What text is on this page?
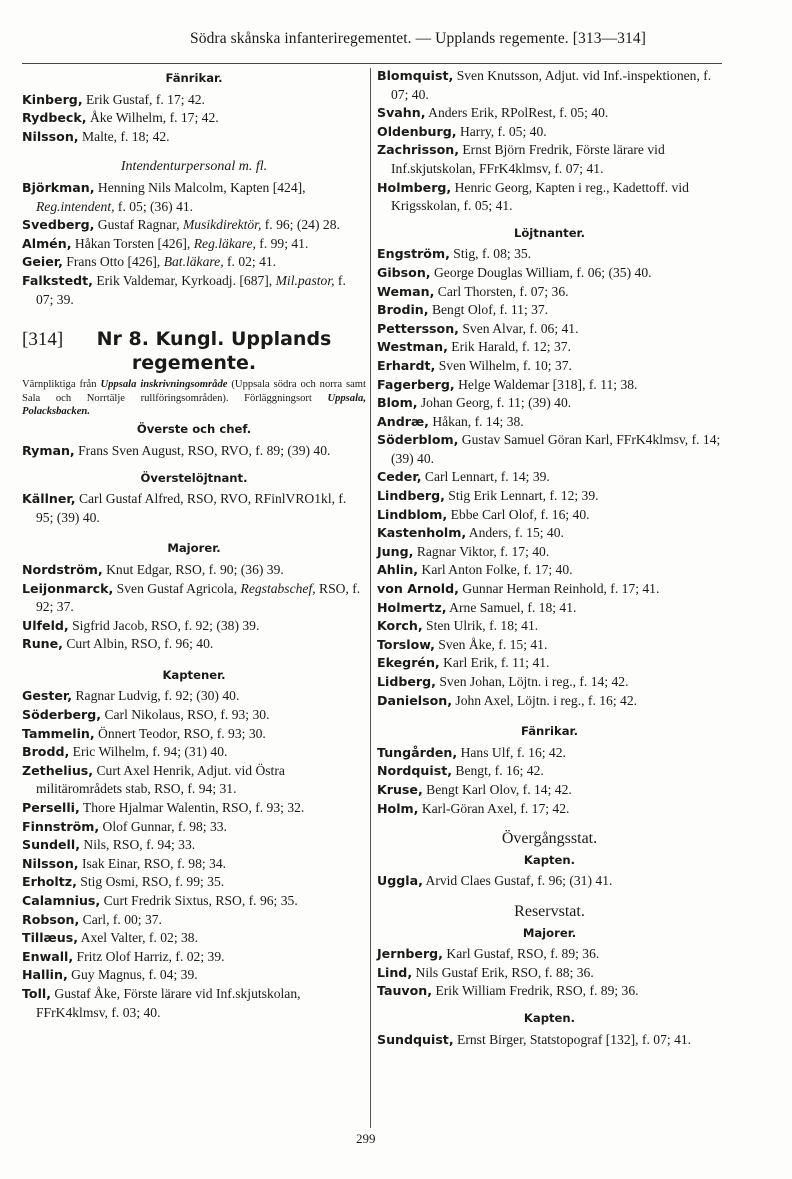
Södra skånska infanteriregementet. — Upplands regemente. [313—314]
Fänrikar.
Kinberg, Erik Gustaf, f. 17; 42.
Rydbeck, Åke Wilhelm, f. 17; 42.
Nilsson, Malte, f. 18; 42.
Intendenturpersonal m. fl.
Björkman, Henning Nils Malcolm, Kapten [424], Reg.intendent, f. 05; (36) 41.
Svedberg, Gustaf Ragnar, Musikdirektör, f. 96; (24) 28.
Almén, Håkan Torsten [426], Reg.läkare, f. 99; 41.
Geier, Frans Otto [426], Bat.läkare, f. 02; 41.
Falkstedt, Erik Valdemar, Kyrkoadj. [687], Mil.pastor, f. 07; 39.
[314]	Nr 8. Kungl. Upplands
regemente.
Värnpliktiga från Uppsala inskrivningsområde (Uppsala södra och norra samt Sala och Norrtälje rullföringsområden). Förläggningsort Uppsala, Polacksbacken.
Överste och chef.
Ryman, Frans Sven August, RSO, RVO, f. 89; (39) 40.
Överstelöjtnant.
Källner, Carl Gustaf Alfred, RSO, RVO, RFinlVRO1kl, f. 95; (39) 40.
Majorer.
Nordström, Knut Edgar, RSO, f. 90; (36) 39.
Leijonmarck, Sven Gustaf Agricola, Regstabschef, RSO, f. 92; 37.
Ulfeld, Sigfrid Jacob, RSO, f. 92; (38) 39.
Rune, Curt Albin, RSO, f. 96; 40.
Kaptener.
Gester, Ragnar Ludvig, f. 92; (30) 40.
Söderberg, Carl Nikolaus, RSO, f. 93; 30.
Tammelin, Önnert Teodor, RSO, f. 93; 30.
Brodd, Eric Wilhelm, f. 94; (31) 40.
Zethelius, Curt Axel Henrik, Adjut. vid Östra militärområdets stab, RSO, f. 94; 31.
Perselli, Thore Hjalmar Walentin, RSO, f. 93; 32.
Finnström, Olof Gunnar, f. 98; 33.
Sundell, Nils, RSO, f. 94; 33.
Nilsson, Isak Einar, RSO, f. 98; 34.
Erholtz, Stig Osmi, RSO, f. 99; 35.
Calamnius, Curt Fredrik Sixtus, RSO, f. 96; 35.
Robson, Carl, f. 00; 37.
Tillæus, Axel Valter, f. 02; 38.
Enwall, Fritz Olof Harriz, f. 02; 39.
Hallin, Guy Magnus, f. 04; 39.
Toll, Gustaf Åke, Förste lärare vid Inf.skjutskolan, FFrK4klmsv, f. 03; 40.
Blomquist, Sven Knutsson, Adjut. vid Inf.-inspektionen, f. 07; 40.
Svahn, Anders Erik, RPolRest, f. 05; 40.
Oldenburg, Harry, f. 05; 40.
Zachrisson, Ernst Björn Fredrik, Förste lärare vid Inf.skjutskolan, FFrK4klmsv, f. 07; 41.
Holmberg, Henric Georg, Kapten i reg., Kadettoff. vid Krigsskolan, f. 05; 41.
Löjtnanter.
Engström, Stig, f. 08; 35.
Gibson, George Douglas William, f. 06; (35) 40.
Weman, Carl Thorsten, f. 07; 36.
Brodin, Bengt Olof, f. 11; 37.
Pettersson, Sven Alvar, f. 06; 41.
Westman, Erik Harald, f. 12; 37.
Erhardt, Sven Wilhelm, f. 10; 37.
Fagerberg, Helge Waldemar [318], f. 11; 38.
Blom, Johan Georg, f. 11; (39) 40.
Andræ, Håkan, f. 14; 38.
Söderblom, Gustav Samuel Göran Karl, FFrK4klmsv, f. 14; (39) 40.
Ceder, Carl Lennart, f. 14; 39.
Lindberg, Stig Erik Lennart, f. 12; 39.
Lindblom, Ebbe Carl Olof, f. 16; 40.
Kastenholm, Anders, f. 15; 40.
Jung, Ragnar Viktor, f. 17; 40.
Ahlin, Karl Anton Folke, f. 17; 40.
von Arnold, Gunnar Herman Reinhold, f. 17; 41.
Holmertz, Arne Samuel, f. 18; 41.
Korch, Sten Ulrik, f. 18; 41.
Torslow, Sven Åke, f. 15; 41.
Ekegrén, Karl Erik, f. 11; 41.
Lidberg, Sven Johan, Löjtn. i reg., f. 14; 42.
Danielson, John Axel, Löjtn. i reg., f. 16; 42.
Fänrikar.
Tungården, Hans Ulf, f. 16; 42.
Nordquist, Bengt, f. 16; 42.
Kruse, Bengt Karl Olov, f. 14; 42.
Holm, Karl-Göran Axel, f. 17; 42.
Övergångsstat.
Kapten.
Uggla, Arvid Claes Gustaf, f. 96; (31) 41.
Reservstat.
Majorer.
Jernberg, Karl Gustaf, RSO, f. 89; 36.
Lind, Nils Gustaf Erik, RSO, f. 88; 36.
Tauvon, Erik William Fredrik, RSO, f. 89; 36.
Kapten.
Sundquist, Ernst Birger, Statstopograf [132], f. 07; 41.
299
